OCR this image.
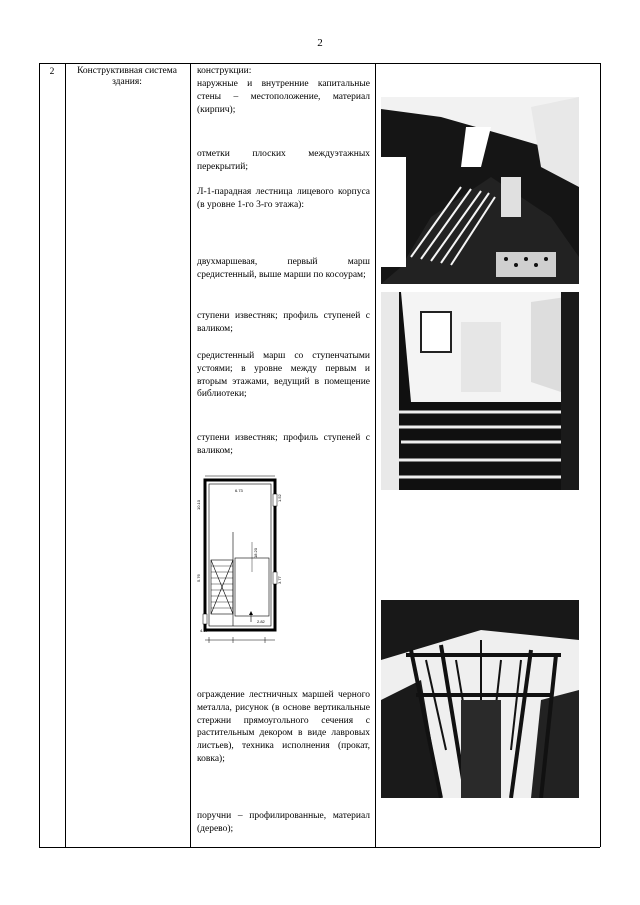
2
2	Конструктивная система здания:
конструкции:
наружные и внутренние капитальные стены – местоположение, материал (кирпич);
отметки плоских междуэтажных перекрытий;
Л-1-парадная лестница лицевого корпуса (в уровне 1-го 3-го этажа):
двухмаршевая, первый марш средистенный, выше марши по косоурам;
ступени известняк; профиль ступеней с валиком;
средистенный марш со ступенчатыми устоями; в уровне между первым и вторым этажами, ведущий в помещение библиотеки;
ступени известняк; профиль ступеней с валиком;
ограждение лестничных маршей черного металла, рисунок (в основе вертикальные стержни прямоугольного сечения с растительным декором в виде лавровых листьев), техника исполнения (прокат, ковка);
поручни – профилированные, материал (дерево);
6.73
10.10
5.76
4.37
18.20
1.52
3.77
2.82
